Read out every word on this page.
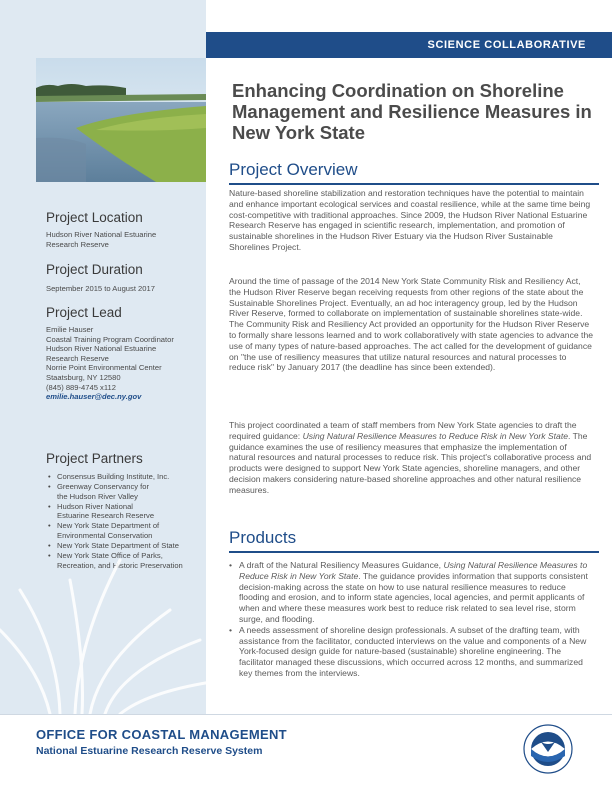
SCIENCE COLLABORATIVE
Enhancing Coordination on Shoreline Management and Resilience Measures in New York State
Project Overview

Nature-based shoreline stabilization and restoration techniques have the potential to maintain and enhance important ecological services and coastal resilience, while at the same time being cost-competitive with traditional approaches. Since 2009, the Hudson River National Estuarine Research Reserve has engaged in scientific research, implementation, and promotion of sustainable shorelines in the Hudson River Estuary via the Hudson River Sustainable Shorelines Project.

Around the time of passage of the 2014 New York State Community Risk and Resiliency Act, the Hudson River Reserve began receiving requests from other regions of the state about the Sustainable Shorelines Project. Eventually, an ad hoc interagency group, led by the Hudson River Reserve, formed to collaborate on implementation of sustainable shorelines state-wide. The Community Risk and Resiliency Act provided an opportunity for the Hudson River Reserve to formally share lessons learned and to work collaboratively with state agencies to advance the use of many types of nature-based approaches. The act called for the development of guidance on "the use of resiliency measures that utilize natural resources and natural processes to reduce risk" by January 2017 (the deadline has since been extended).

This project coordinated a team of staff members from New York State agencies to draft the required guidance: Using Natural Resilience Measures to Reduce Risk in New York State. The guidance examines the use of resiliency measures that emphasize the implementation of natural resources and natural processes to reduce risk. This project's collaborative process and products were designed to support New York State agencies, shoreline managers, and other decision makers considering nature-based shoreline approaches and other natural resilience measures.

Products
• A draft of the Natural Resiliency Measures Guidance, Using Natural Resilience Measures to Reduce Risk in New York State. The guidance provides information that supports consistent decision-making across the state on how to use natural resilience measures to reduce flooding and erosion, and to inform state agencies, local agencies, and permit applicants of when and where these measures work best to reduce risk related to sea level rise, storm surge, and flooding.
• A needs assessment of shoreline design professionals. A subset of the drafting team, with assistance from the facilitator, conducted interviews on the value and components of a New York-focused design guide for nature-based (sustainable) shoreline engineering. The facilitator managed these discussions, which occurred across 12 months, and summarized key themes from the interviews.
Project Location
Hudson River National Estuarine
Research Reserve
Project Duration
September 2015 to August 2017
Project Lead
Emilie Hauser
Coastal Training Program Coordinator
Hudson River National Estuarine
Research Reserve
Norrie Point Environmental Center
Staatsburg, NY 12580
(845) 889-4745 x112
emilie.hauser@dec.ny.gov
Project Partners
• Consensus Building Institute, Inc.
• Greenway Conservancy for
the Hudson River Valley
• Hudson River National
Estuarine Research Reserve
• New York State Department of
Environmental Conservation
• New York State Department of State
• New York State Office of Parks,
Recreation, and Historic Preservation

OFFICE FOR COASTAL MANAGEMENT

National Estuarine Research Reserve System
